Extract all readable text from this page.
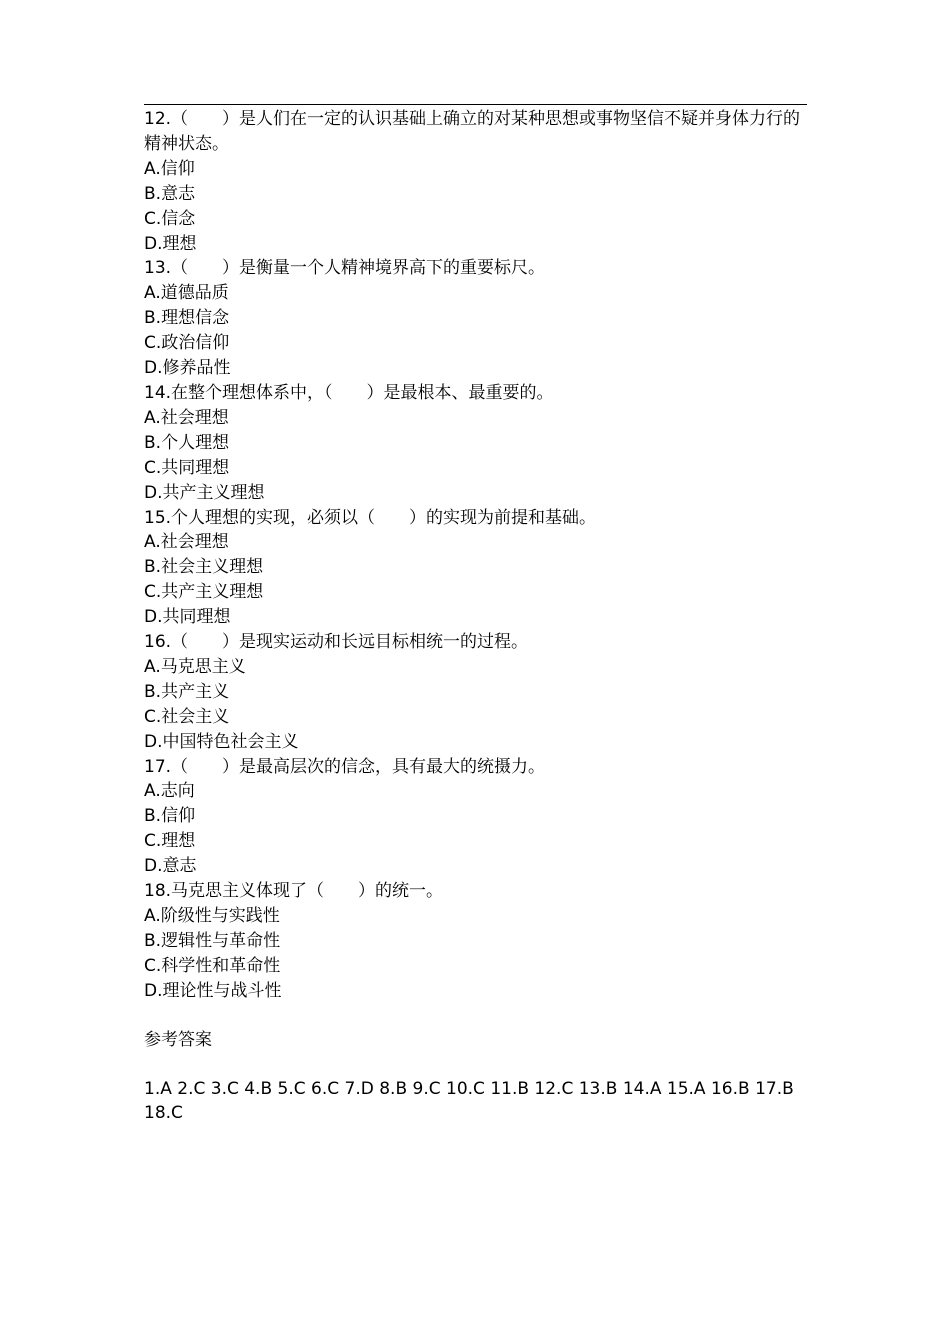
12.（　　）是人们在一定的认识基础上确立的对某种思想或事物坚信不疑并身体力行的精神状态。
A.信仰
B.意志
C.信念
D.理想
13.（　　）是衡量一个人精神境界高下的重要标尺。
A.道德品质
B.理想信念
C.政治信仰
D.修养品性
14.在整个理想体系中，（　　）是最根本、最重要的。
A.社会理想
B.个人理想
C.共同理想
D.共产主义理想
15.个人理想的实现，必须以（　　）的实现为前提和基础。
A.社会理想
B.社会主义理想
C.共产主义理想
D.共同理想
16.（　　）是现实运动和长远目标相统一的过程。
A.马克思主义
B.共产主义
C.社会主义
D.中国特色社会主义
17.（　　）是最高层次的信念，具有最大的统摄力。
A.志向
B.信仰
C.理想
D.意志
18.马克思主义体现了（　　）的统一。
A.阶级性与实践性
B.逻辑性与革命性
C.科学性和革命性
D.理论性与战斗性
参考答案
1.A 2.C 3.C 4.B 5.C 6.C 7.D 8.B 9.C 10.C 11.B 12.C 13.B 14.A 15.A 16.B 17.B 18.C
